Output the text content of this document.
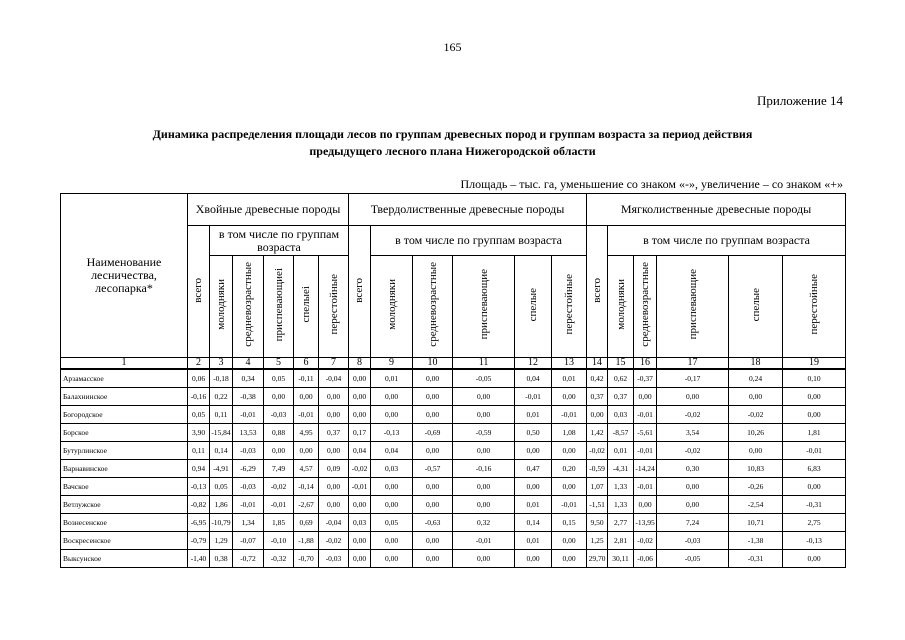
165
Приложение 14
Динамика распределения площади лесов по группам древесных пород и группам возраста за период действия
предыдущего лесного плана Нижегородской области
Площадь – тыс. га, уменьшение со знаком «-», увеличение – со знаком «+»
Наименование лесничества, лесопарка*	Хвойные древесные породы						Твердолиственные древесные породы						Мягколиственные древесные породы					
	всего	в том числе по группам возраста					всего	в том числе по группам возраста					всего	в том числе по группам возраста				
		молодняки	средневозрастные	приспевающиеi	спелыеi	перестойные		молодняки	средневозрастные	приспевающие	спелые	перестойные		молодняки	средневозрастные	приспевающие	спелые	перестойные
1	2	3	4	5	6	7	8	9	10	11	12	13	14	15	16	17	18	19
Арзамасское	0,06	-0,18	0,34	0,05	-0,11	-0,04	0,00	0,01	0,00	-0,05	0,04	0,01	0,42	0,62	-0,37	-0,17	0,24	0,10
Балахнинское	-0,16	0,22	-0,38	0,00	0,00	0,00	0,00	0,00	0,00	0,00	-0,01	0,00	0,37	0,37	0,00	0,00	0,00	0,00
Богородское	0,05	0,11	-0,01	-0,03	-0,01	0,00	0,00	0,00	0,00	0,00	0,01	-0,01	0,00	0,03	-0,01	-0,02	-0,02	0,00
Борское	3,90	-15,84	13,53	0,88	4,95	0,37	0,17	-0,13	-0,69	-0,59	0,50	1,08	1,42	-8,57	-5,61	3,54	10,26	1,81
Бутурлинское	0,11	0,14	-0,03	0,00	0,00	0,00	0,04	0,04	0,00	0,00	0,00	0,00	-0,02	0,01	-0,01	-0,02	0,00	-0,01
Варнавинское	0,94	-4,91	-6,29	7,49	4,57	0,09	-0,02	0,03	-0,57	-0,16	0,47	0,20	-0,59	-4,31	-14,24	0,30	10,83	6,83
Вачское	-0,13	0,05	-0,03	-0,02	-0,14	0,00	-0,01	0,00	0,00	0,00	0,00	0,00	1,07	1,33	-0,01	0,00	-0,26	0,00
Ветлужское	-0,82	1,86	-0,01	-0,01	-2,67	0,00	0,00	0,00	0,00	0,00	0,01	-0,01	-1,51	1,33	0,00	0,00	-2,54	-0,31
Вознесенское	-6,95	-10,79	1,34	1,85	0,69	-0,04	0,03	0,05	-0,63	0,32	0,14	0,15	9,50	2,77	-13,95	7,24	10,71	2,75
Воскресенское	-0,79	1,29	-0,07	-0,10	-1,88	-0,02	0,00	0,00	0,00	-0,01	0,01	0,00	1,25	2,81	-0,02	-0,03	-1,38	-0,13
Выксунское	-1,40	0,38	-0,72	-0,32	-0,70	-0,03	0,00	0,00	0,00	0,00	0,00	0,00	29,70	30,11	-0,06	-0,05	-0,31	0,00
